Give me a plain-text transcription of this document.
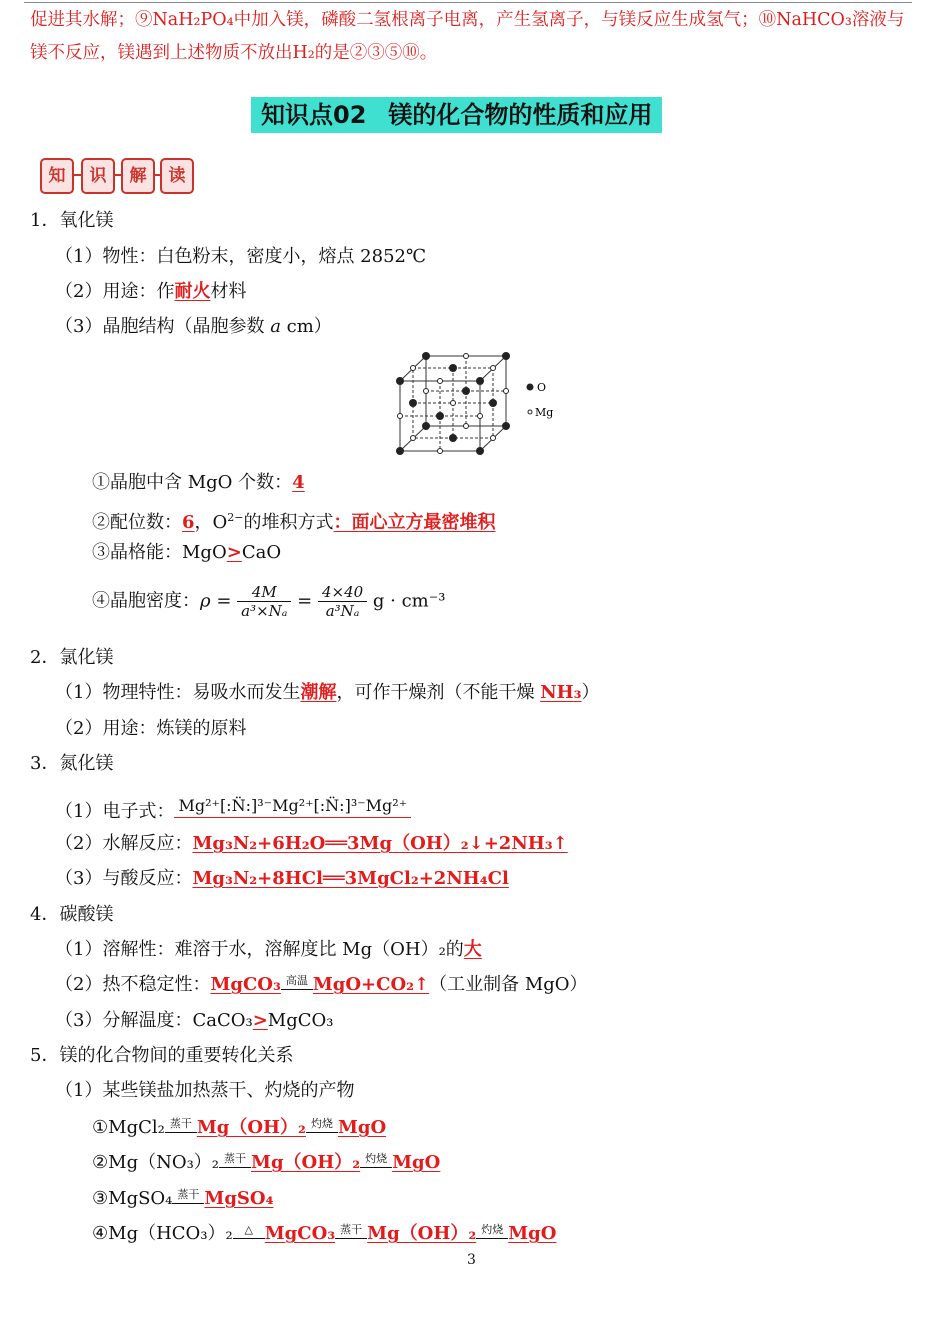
促进其水解；⑨NaH₂PO₄中加入镁，磷酸二氢根离子电离，产生氢离子，与镁反应生成氢气；⑩NaHCO₃溶液与
镁不反应，镁遇到上述物质不放出H₂的是②③⑤⑩。
知识点02 镁的化合物的性质和应用
知	识	解	读
1．氧化镁
（1）物性：白色粉末，密度小，熔点 2852℃
（2）用途：作耐火材料
（3）晶胞结构（晶胞参数 a cm）
O
Mg
①晶胞中含 MgO 个数：4
②配位数：6，$O^{2-}$的堆积方式：面心立方最密堆积
③晶格能：MgO>CaO
④晶胞密度：$\rho = \frac{4M}{\text{a³×Nₐ}} = \frac{4\times 40}{\text{a³Nₐ}}$ g · cm⁻³
2．氯化镁
（1）物理特性：易吸水而发生潮解，可作干燥剂（不能干燥 NH₃）
（2）用途：炼镁的原料
3．氮化镁
（1）电子式： Mg²⁺[:N̈:]³⁻Mg²⁺[:N̈:]³⁻Mg²⁺
（2）水解反应：Mg₃N₂+6H₂O══3Mg（OH）₂↓+2NH₃↑
（3）与酸反应：Mg₃N₂+8HCl══3MgCl₂+2NH₄Cl
4．碳酸镁
（1）溶解性：难溶于水，溶解度比 Mg（OH）₂的大
（2）热不稳定性：MgCO₃ 高温 MgO+CO₂↑（工业制备 MgO）
（3）分解温度：CaCO₃>MgCO₃
5．镁的化合物间的重要转化关系
（1）某些镁盐加热蒸干、灼烧的产物
①MgCl₂ 蒸干 Mg（OH）₂ 灼烧 MgO
②Mg（NO₃）₂ 蒸干 Mg（OH）₂ 灼烧 MgO
③MgSO₄ 蒸干 MgSO₄
④Mg（HCO₃）₂ △ MgCO₃ 蒸干 Mg（OH）₂ 灼烧 MgO
3
